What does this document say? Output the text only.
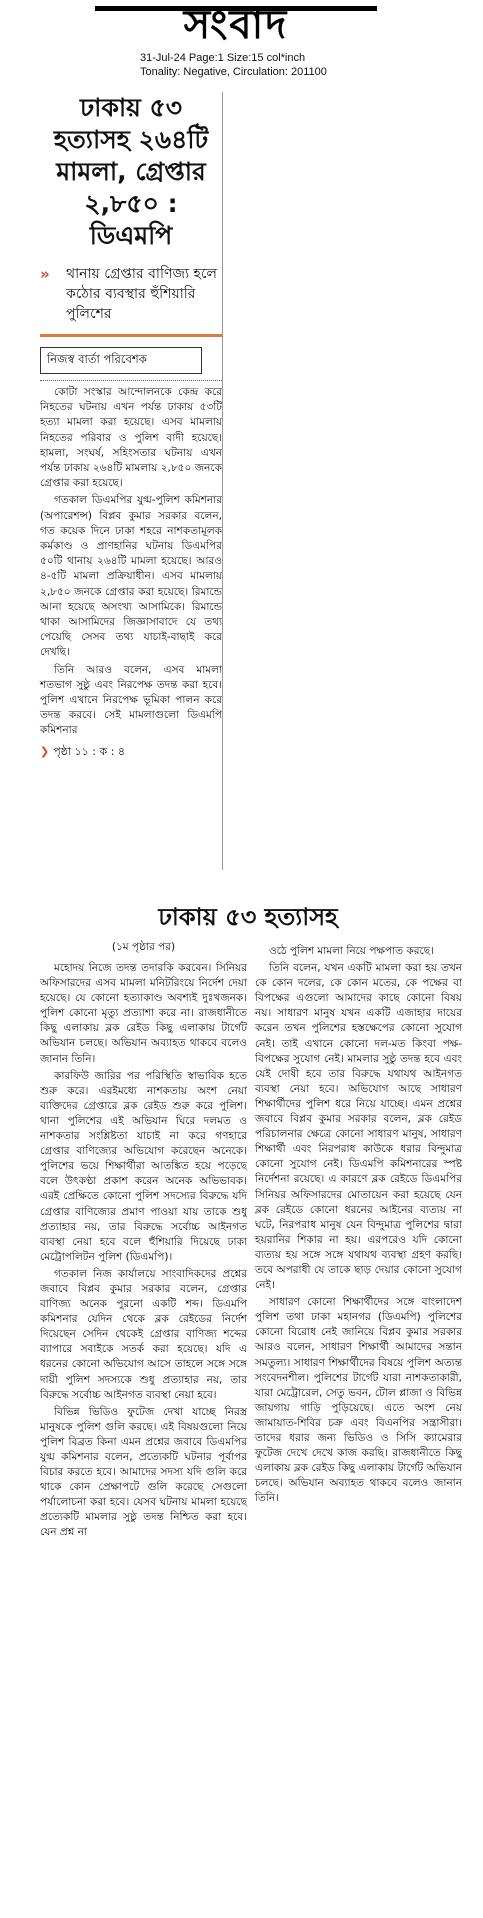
সংবাদ
31-Jul-24 Page:1 Size:15 col*inch
Tonality: Negative, Circulation: 201100
ঢাকায় ৫৩ হত্যাসহ ২৬৪টি মামলা, গ্রেপ্তার ২,৮৫০ : ডিএমপি
»	থানায় গ্রেপ্তার বাণিজ্য হলে কঠোর ব্যবস্থার হুঁশিয়ারি পুলিশের
নিজস্ব বার্তা পরিবেশক

কোটা সংস্কার আন্দোলনকে কেন্দ্র করে নিহতের ঘটনায় এখন পর্যন্ত ঢাকায় ৫৩টি হত্যা মামলা করা হয়েছে। এসব মামলায় নিহতের পরিবার ও পুলিশ বাদী হয়েছে। হামলা, সংঘর্ষ, সহিংসতার ঘটনায় এখন পর্যন্ত ঢাকায় ২৬৪টি মামলায় ২,৮৫০ জনকে গ্রেপ্তার করা হয়েছে।

গতকাল ডিএমপির যুগ্ম-পুলিশ কমিশনার (অপারেশন্স) বিপ্লব কুমার সরকার বলেন, গত কয়েক দিনে ঢাকা শহরে নাশকতামূলক কর্মকাণ্ড ও প্রাণহানির ঘটনায় ডিএমপির ৫০টি থানায় ২৬৪টি মামলা হয়েছে। আরও ৪-৫টি মামলা প্রক্রিয়াধীন। এসব মামলায় ২,৮৫০ জনকে গ্রেপ্তার করা হয়েছে। রিমান্ডে আনা হয়েছে অসংখ্য আসামিকে। রিমান্ডে থাকা আসামিদের জিজ্ঞাসাবাদে যে তথ্য পেয়েছি সেসব তথ্য যাচাই-বাছাই করে দেখছি।

তিনি আরও বলেন, এসব মামলা শতভাগ সুষ্ঠু এবং নিরপেক্ষ তদন্ত করা হবে। পুলিশ এখানে নিরপেক্ষ ভূমিকা পালন করে তদন্ত করবে। সেই মামলাগুলো ডিএমপি কমিশনার

❯ পৃষ্ঠা ১১ : ক : ৪
ঢাকায় ৫৩ হত্যাসহ
(১ম পৃষ্ঠার পর)

মহোদয় নিজে তদন্ত তদারকি করবেন। সিনিয়র অফিসারদের এসব মামলা মনিটরিংয়ে নির্দেশ দেয়া হয়েছে। যে কোনো হত্যাকাণ্ড অবশ্যই দুঃখজনক। পুলিশ কোনো মৃত্যু প্রত্যাশা করে না। রাজধানীতে কিছু এলাকায় ব্লক রেইড কিছু এলাকায় টার্গেট অভিযান চলছে। অভিযান অব্যাহত থাকবে বলেও জানান তিনি।

কারফিউ জারির পর পরিস্থিতি স্বাভাবিক হতে শুরু করে। এরইমধ্যে নাশকতায় অংশ নেয়া ব্যক্তিদের গ্রেপ্তারে ব্লক রেইড শুরু করে পুলিশ। থানা পুলিশের এই অভিযান ঘিরে দলমত ও নাশকতার সংশ্লিষ্টতা যাচাই না করে গণহারে গ্রেপ্তার বাণিজ্যের অভিযোগ করেছেন অনেকে। পুলিশের ভয়ে শিক্ষার্থীরা আতঙ্কিত হয়ে পড়েছে বলে উৎকণ্ঠা প্রকাশ করেন অনেক অভিভাবক। এরই প্রেক্ষিতে কোনো পুলিশ সদস্যের বিরুদ্ধে যদি গ্রেপ্তার বাণিজ্যের প্রমাণ পাওয়া যায় তাকে শুধু প্রত্যাহার নয়, তার বিরুদ্ধে সর্বোচ্চ আইনগত ব্যবস্থা নেয়া হবে বলে হুঁশিয়ারি দিয়েছে ঢাকা মেট্রোপলিটন পুলিশ (ডিএমপি)।

গতকাল নিজ কার্যালয়ে সাংবাদিকদের প্রশ্নের জবাবে বিপ্লব কুমার সরকার বলেন, গ্রেপ্তার বাণিজ্য অনেক পুরনো একটি শব্দ। ডিএমপি কমিশনার যেদিন থেকে ব্লক রেইডের নির্দেশ দিয়েছেন সেদিন থেকেই গ্রেপ্তার বাণিজ্য শব্দের ব্যাপারে সবাইকে সতর্ক করা হয়েছে। যদি এ ধরনের কোনো অভিযোগ আসে তাহলে সঙ্গে সঙ্গে দায়ী পুলিশ সদস্যকে শুধু প্রত্যাহার নয়, তার বিরুদ্ধে সর্বোচ্চ আইনগত ব্যবস্থা নেয়া হবে।

বিভিন্ন ভিডিও ফুটেজ দেখা যাচ্ছে নিরস্ত্র মানুষকে পুলিশ গুলি করছে। এই বিষয়গুলো নিয়ে পুলিশ বিব্রত কিনা এমন প্রশ্নের জবাবে ডিএমপির যুগ্ম কমিশনার বলেন, প্রত্যেকটি ঘটনার পূর্বাপর বিচার করতে হবে। আমাদের সদস্য যদি গুলি করে থাকে কোন প্রেক্ষাপটে গুলি করেছে সেগুলো পর্যালোচনা করা হবে। যেসব ঘটনায় মামলা হয়েছে প্রত্যেকটি মামলার সুষ্ঠু তদন্ত নিশ্চিত করা হবে। যেন প্রশ্ন না

ওঠে পুলিশ মামলা নিয়ে পক্ষপাত করছে।

তিনি বলেন, যখন একটি মামলা করা হয় তখন কে কোন দলের, কে কোন মতের, কে পক্ষের বা বিপক্ষের এগুলো আমাদের কাছে কোনো বিষয় নয়। সাধারণ মানুষ যখন একটি এজাহার দায়ের করেন তখন পুলিশের হস্তক্ষেপের কোনো সুযোগ নেই। তাই এখানে কোনো দল-মত কিংবা পক্ষ-বিপক্ষের সুযোগ নেই। মামলার সুষ্ঠু তদন্ত হবে এবং যেই দোষী হবে তার বিরুদ্ধে যথাযথ আইনগত ব্যবস্থা নেয়া হবে। অভিযোগ আছে সাধারণ শিক্ষার্থীদের পুলিশ ধরে নিয়ে যাচ্ছে। এমন প্রশ্নের জবাবে বিপ্লব কুমার সরকার বলেন, ব্লক রেইড পরিচালনার ক্ষেত্রে কোনো সাধারণ মানুষ, সাধারণ শিক্ষার্থী এবং নিরপরাধ কাউকে ধরার বিন্দুমাত্র কোনো সুযোগ নেই। ডিএমপি কমিশনারের স্পষ্ট নির্দেশনা রয়েছে। এ কারণে ব্লক রেইডে ডিএমপির সিনিয়র অফিসারদের মোতায়েন করা হয়েছে যেন ব্লক রেইডে কোনো ধরনের আইনের ব্যত্যয় না ঘটে, নিরপরাধ মানুষ যেন বিন্দুমাত্র পুলিশের দ্বারা হয়রানির শিকার না হয়। এরপরেও যদি কোনো ব্যত্যয় হয় সঙ্গে সঙ্গে যথাযথ ব্যবস্থা গ্রহণ করছি। তবে অপরাধী যে তাকে ছাড় দেয়ার কোনো সুযোগ নেই।

সাধারণ কোনো শিক্ষার্থীদের সঙ্গে বাংলাদেশ পুলিশ তথা ঢাকা মহানগর (ডিএমপি) পুলিশের কোনো বিরোধ নেই জানিয়ে বিপ্লব কুমার সরকার আরও বলেন, সাধারণ শিক্ষার্থী আমাদের সন্তান সমতুল্য। সাধারণ শিক্ষার্থীদের বিষয়ে পুলিশ অত্যন্ত সংবেদনশীল। পুলিশের টার্গেট যারা নাশকতাকারী, যারা মেট্রোরেল, সেতু ভবন, টোল প্লাজা ও বিভিন্ন জায়গায় গাড়ি পুড়িয়েছে। এতে অংশ নেয় জামায়াত-শিবির চক্র এবং বিএনপির সন্ত্রাসীরা। তাদের ধরার জন্য ভিডিও ও সিসি ক্যামেরার ফুটেজ দেখে দেখে কাজ করছি। রাজধানীতে কিছু এলাকায় ব্লক রেইড কিছু এলাকায় টার্গেট অভিযান চলছে। অভিযান অব্যাহত থাকবে বলেও জানান তিনি।
